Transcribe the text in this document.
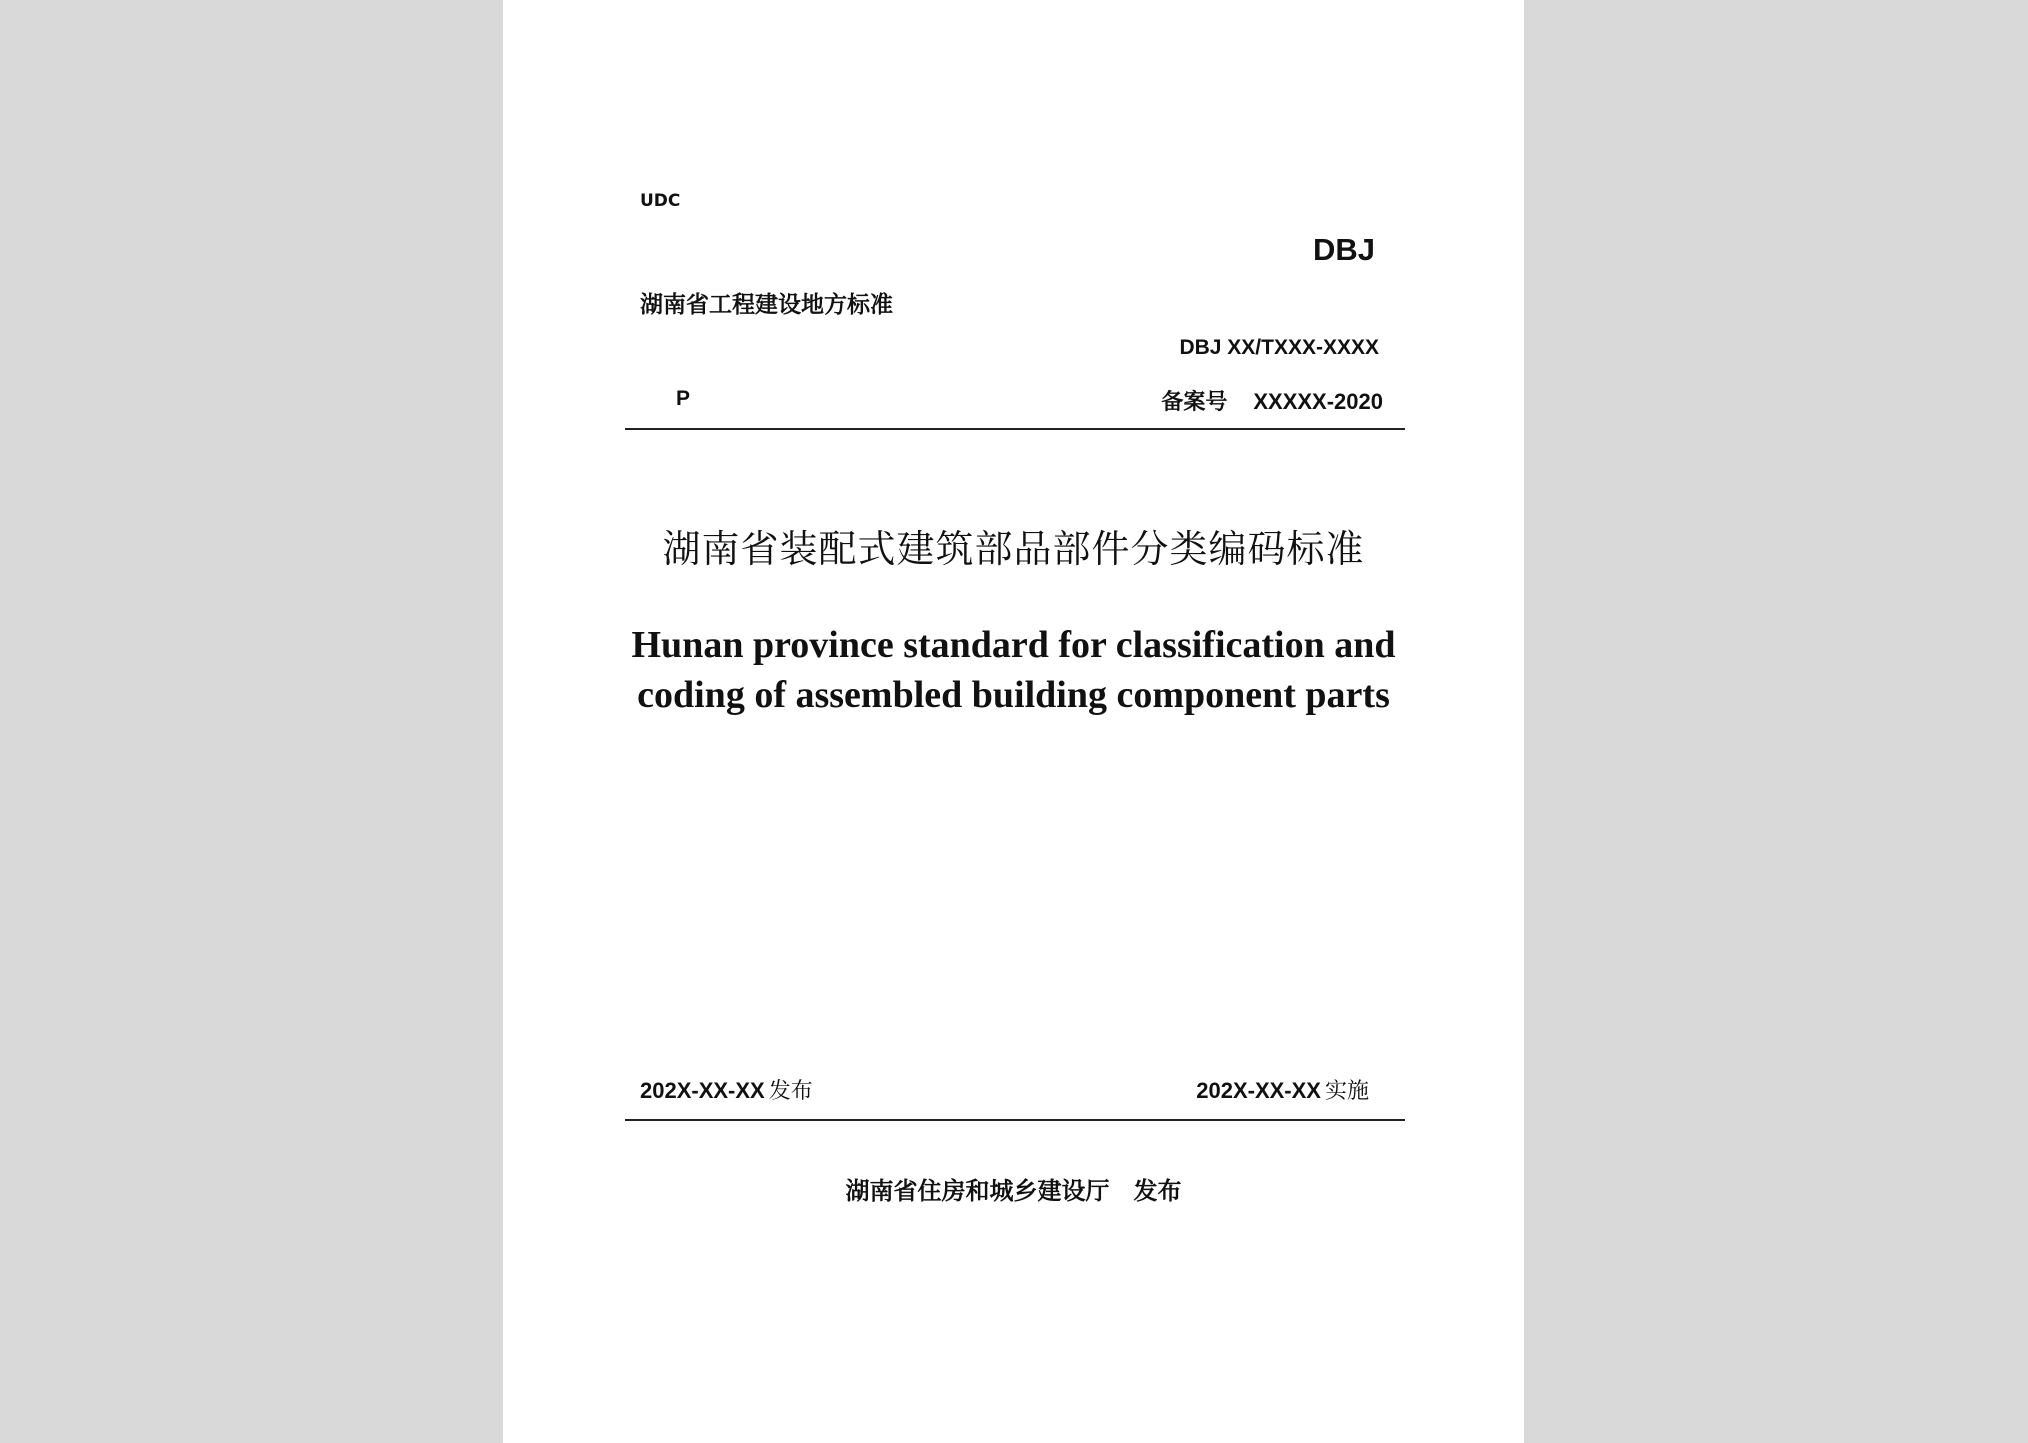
UDC
DBJ
湖南省工程建设地方标准
DBJ XX/TXXX-XXXX
P	备案号 XXXXX-2020
湖南省装配式建筑部品部件分类编码标准
Hunan province standard for classification and
coding of assembled building component parts
202X-XX-XX 发布	202X-XX-XX 实施
湖南省住房和城乡建设厅 发布
